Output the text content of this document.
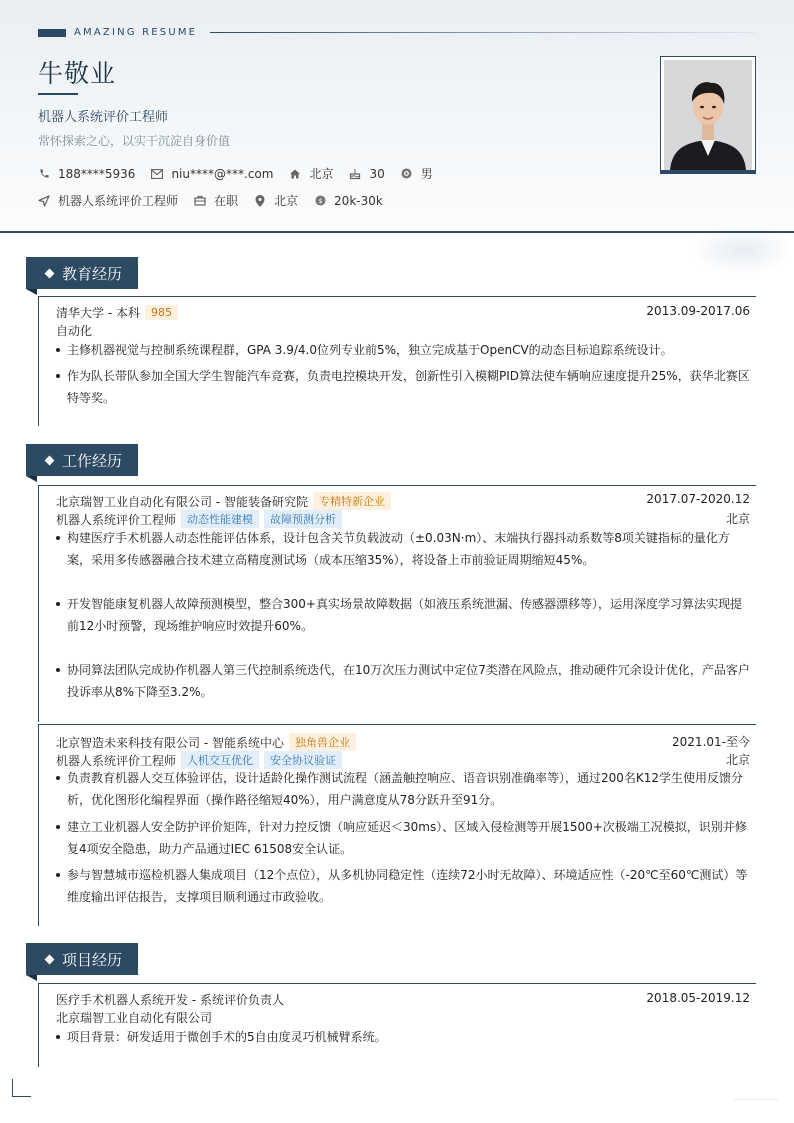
AMAZING RESUME
牛敬业
机器人系统评价工程师
常怀探索之心，以实干沉淀自身价值
188****5936	niu****@***.com	北京	30	男
机器人系统评价工程师	在职	北京 $ 20k-30k
教育经历
清华大学 - 本科 985	2013.09-2017.06
自动化
主修机器视觉与控制系统课程群，GPA 3.9/4.0位列专业前5%，独立完成基于OpenCV的动态目标追踪系统设计。
作为队长带队参加全国大学生智能汽车竞赛，负责电控模块开发，创新性引入模糊PID算法使车辆响应速度提升25%，获华北赛区特等奖。
工作经历
北京瑞智工业自动化有限公司 - 智能装备研究院 专精特新企业	2017.07-2020.12
机器人系统评价工程师 动态性能建模 故障预测分析	北京
构建医疗手术机器人动态性能评估体系，设计包含关节负载波动（±0.03N·m）、末端执行器抖动系数等8项关键指标的量化方案，采用多传感器融合技术建立高精度测试场（成本压缩35%），将设备上市前验证周期缩短45%。
开发智能康复机器人故障预测模型，整合300+真实场景故障数据（如液压系统泄漏、传感器漂移等），运用深度学习算法实现提前12小时预警，现场维护响应时效提升60%。
协同算法团队完成协作机器人第三代控制系统迭代，在10万次压力测试中定位7类潜在风险点，推动硬件冗余设计优化，产品客户投诉率从8%下降至3.2%。
北京智造未来科技有限公司 - 智能系统中心 独角兽企业	2021.01-至今
机器人系统评价工程师 人机交互优化 安全协议验证	北京
负责教育机器人交互体验评估，设计适龄化操作测试流程（涵盖触控响应、语音识别准确率等），通过200名K12学生使用反馈分析，优化图形化编程界面（操作路径缩短40%），用户满意度从78分跃升至91分。
建立工业机器人安全防护评价矩阵，针对力控反馈（响应延迟＜30ms）、区域入侵检测等开展1500+次极端工况模拟，识别并修复4项安全隐患，助力产品通过IEC 61508安全认证。
参与智慧城市巡检机器人集成项目（12个点位），从多机协同稳定性（连续72小时无故障）、环境适应性（-20℃至60℃测试）等维度输出评估报告，支撑项目顺利通过市政验收。
项目经历
医疗手术机器人系统开发 - 系统评价负责人	2018.05-2019.12
北京瑞智工业自动化有限公司
项目背景：研发适用于微创手术的5自由度灵巧机械臂系统。
